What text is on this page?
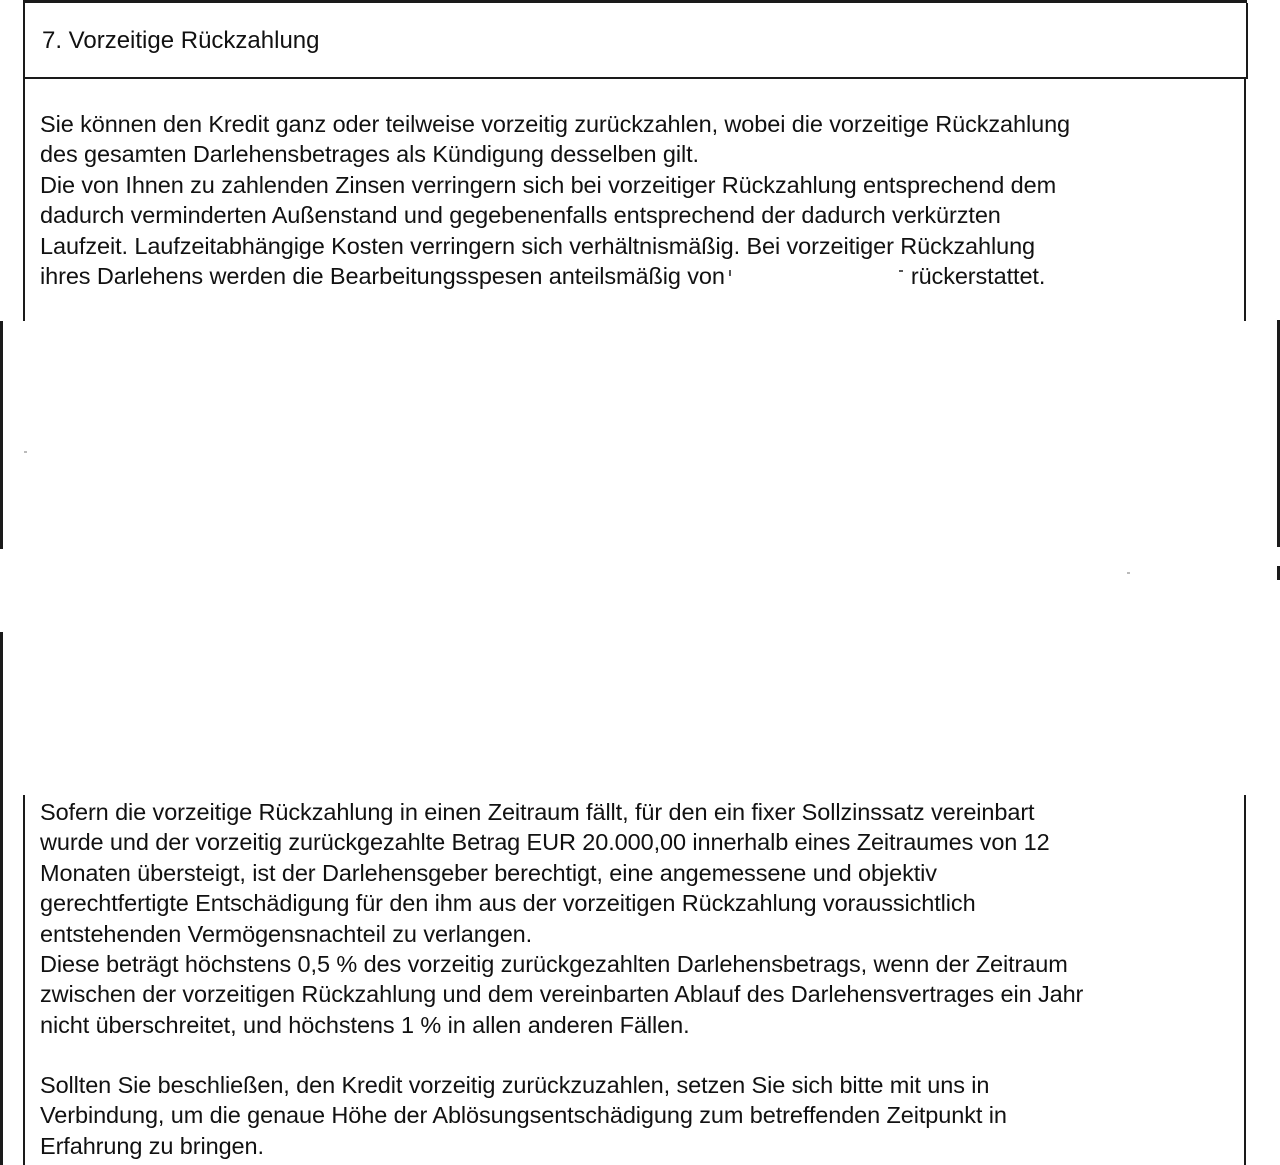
7. Vorzeitige Rückzahlung

Sie können den Kredit ganz oder teilweise vorzeitig zurückzahlen, wobei die vorzeitige Rückzahlung
des gesamten Darlehensbetrages als Kündigung desselben gilt.
Die von Ihnen zu zahlenden Zinsen verringern sich bei vorzeitiger Rückzahlung entsprechend dem
dadurch verminderten Außenstand und gegebenenfalls entsprechend der dadurch verkürzten
Laufzeit. Laufzeitabhängige Kosten verringern sich verhältnismäßig. Bei vorzeitiger Rückzahlung
ihres Darlehens werden die Bearbeitungsspesen anteilsmäßig von	rückerstattet.

Sofern die vorzeitige Rückzahlung in einen Zeitraum fällt, für den ein fixer Sollzinssatz vereinbart
wurde und der vorzeitig zurückgezahlte Betrag EUR 20.000,00 innerhalb eines Zeitraumes von 12
Monaten übersteigt, ist der Darlehensgeber berechtigt, eine angemessene und objektiv
gerechtfertigte Entschädigung für den ihm aus der vorzeitigen Rückzahlung voraussichtlich
entstehenden Vermögensnachteil zu verlangen.
Diese beträgt höchstens 0,5 % des vorzeitig zurückgezahlten Darlehensbetrags, wenn der Zeitraum
zwischen der vorzeitigen Rückzahlung und dem vereinbarten Ablauf des Darlehensvertrages ein Jahr
nicht überschreitet, und höchstens 1 % in allen anderen Fällen.

Sollten Sie beschließen, den Kredit vorzeitig zurückzuzahlen, setzen Sie sich bitte mit uns in
Verbindung, um die genaue Höhe der Ablösungsentschädigung zum betreffenden Zeitpunkt in
Erfahrung zu bringen.
